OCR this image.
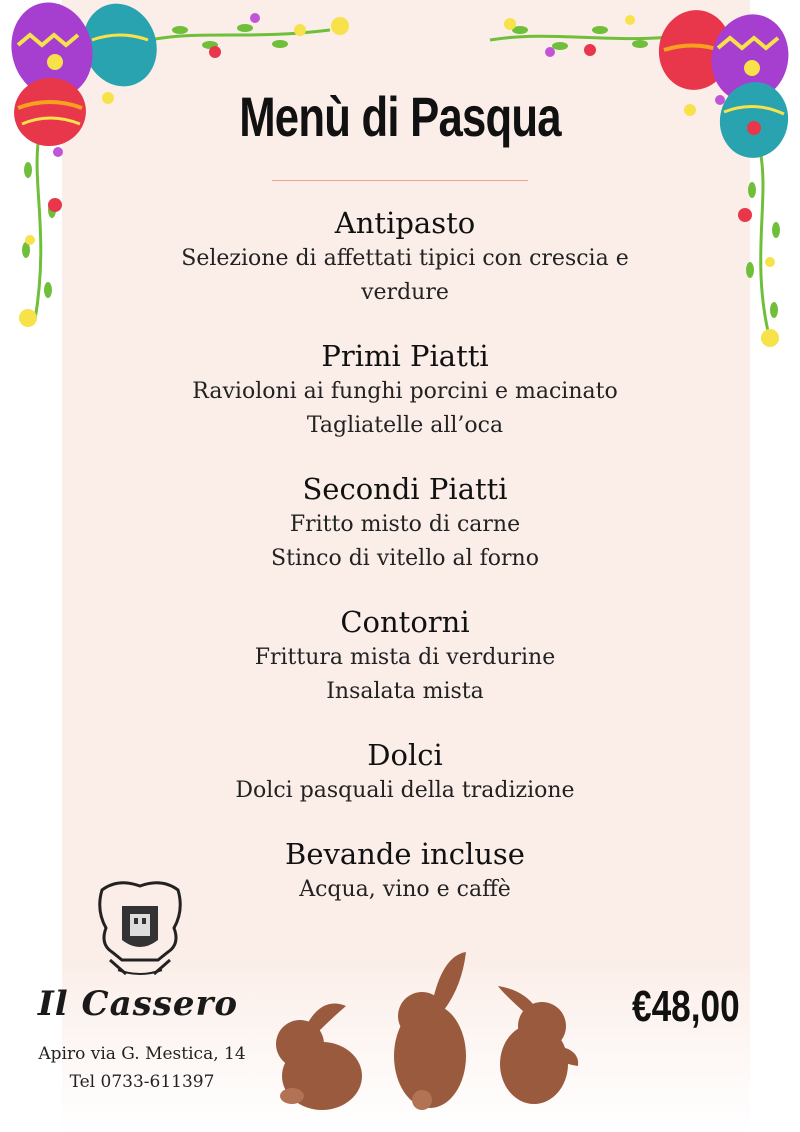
Menù di Pasqua
Antipasto
Selezione di affettati tipici con crescia e
verdure
Primi Piatti
Ravioloni ai funghi porcini e macinato
Tagliatelle all’oca
Secondi Piatti
Fritto misto di carne
Stinco di vitello al forno
Contorni
Frittura mista di verdurine
Insalata mista
Dolci
Dolci pasquali della tradizione
Bevande incluse
Acqua, vino e caffè
Il Cassero
Apiro via G. Mestica, 14
Tel 0733-611397
€48,00
